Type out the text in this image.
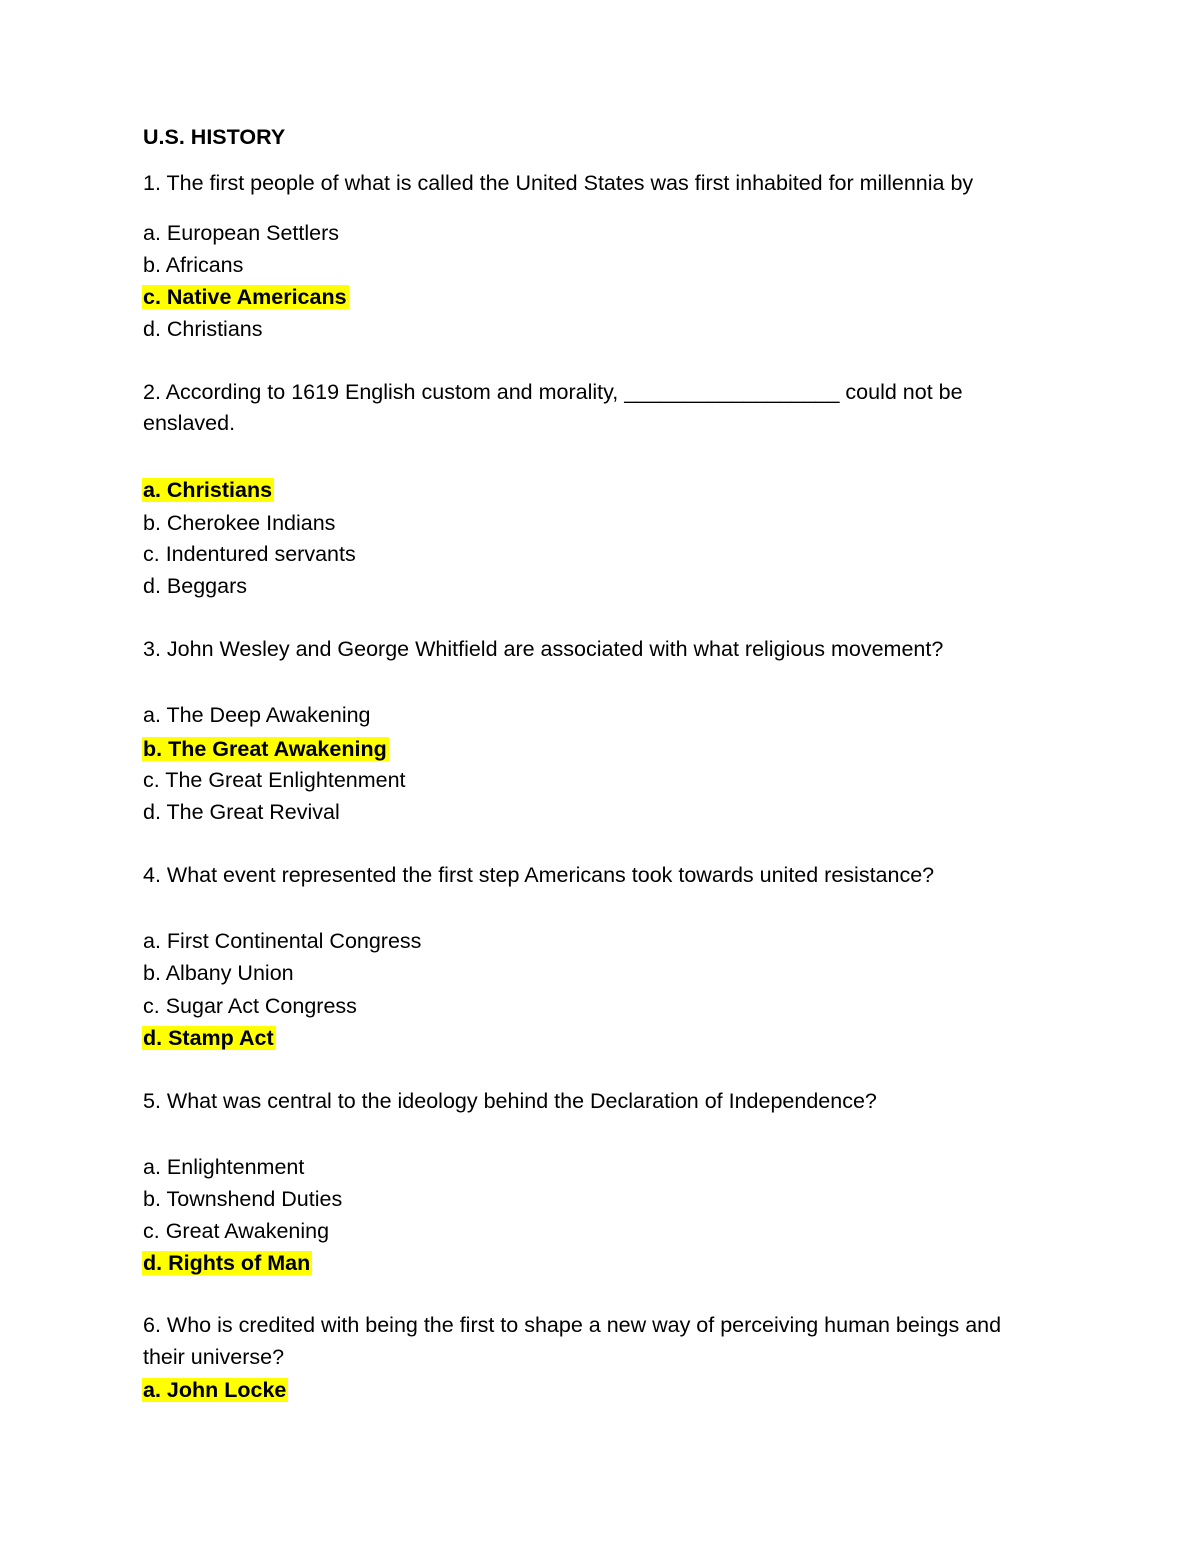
U.S. HISTORY
1. The first people of what is called the United States was first inhabited for millennia by
a. European Settlers
b. Africans
c. Native Americans
d. Christians
2. According to 1619 English custom and morality, __________________ could not be
enslaved.
a. Christians
b. Cherokee Indians
c. Indentured servants
d. Beggars
3. John Wesley and George Whitfield are associated with what religious movement?
a. The Deep Awakening
b. The Great Awakening
c. The Great Enlightenment
d. The Great Revival
4. What event represented the first step Americans took towards united resistance?
a. First Continental Congress
b. Albany Union
c. Sugar Act Congress
d. Stamp Act
5. What was central to the ideology behind the Declaration of Independence?
a. Enlightenment
b. Townshend Duties
c. Great Awakening
d. Rights of Man
6. Who is credited with being the first to shape a new way of perceiving human beings and
their universe?
a. John Locke
